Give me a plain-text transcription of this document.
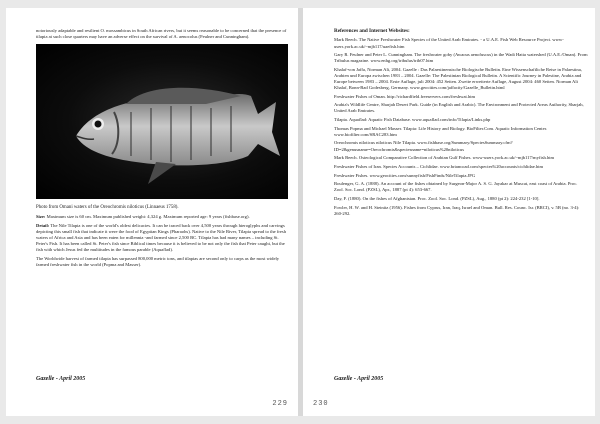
notoriously adaptable and resilient O. mossambicus in South African rivers, but it seems reasonable to be concerned that the presence of tilapia at such close quarters may have an adverse effect on the survival of A. aenocolus (Feulner and Cunningham).

Photo from Omani waters of the Oreochromis niloticus (Linnaeus 1758).

Size: Maximum size is 60 cm. Maximum published weight: 4,324 g. Maximum reported age: 9 years (fishbase.org).

Detail: The Nile Tilapia is one of the world's oldest delicacies. It can be traced back over 4,500 years through hieroglyphs and carvings depicting this small fish that indicate it were the food of Egyptian Kings (Pharaohs). Native to the Nile River, Tilapia spread to the fresh waters of Africa and Asia and has been eaten for millennia -and farmed since 2,500 BC. Tilapia has had many names – including St. Peter's Fish. It has been called St. Peter's fish since Biblical times because it is believed to be not only the fish that Peter caught, but the fish with which Jesus fed the multitudes in the famous parable (Aquaflad).

The Worldwide harvest of farmed tilapia has surpassed 800,000 metric tons, and tilapias are second only to carps as the most widely farmed freshwater fish in the world (Popma and Masser).

Gazelle - April 2005
229

References and Internet Websites:

Mark Beech. The Native Freshwater Fish Species of the United Arab Emirates. - a U.A.E. Fish Web Resource Project. www-users.york.ac.uk/~mjb117/uaefish.htm

Gary R. Feulner and Peter L. Cunningham. The freshwater goby (Awaous aenofuscus) in the Wadi Hatta watershed (U.A.E./Oman). From Tribulus magazine. www.enhg.org/tribulus/trib07.htm

Khalaf-von Jaffa, Norman Ali, 2004. Gazelle : Das Palaestinensische Biologische Bulletin. Eine Wissenschaftliche Reise in Palaestina, Arabien und Europa zwischen 1983 – 2004. Gazelle: The Palestinian Biological Bulletin. A Scientific Journey in Palestine, Arabia and Europe between 1983 – 2004. Erste Auflage, juli 2004: 452 Seiten. Zweite erweiterte Auflage, August 2004: 460 Seiten. Norman Ali Khalaf, Bonn-Bad Godesberg, Germany. www.geocities.com/jaffacity/Gazelle_Bulletin.html

Freshwater Fishes of Oman. http://richardfield.freeservers.com/freshwat.htm

Arabia's Wildlife Centre, Sharjah Desert Park. Guide (in English and Arabic). The Environment and Protected Areas Authority, Sharjah, United Arab Emirates.

Tilapia. Aquaflad: Aquatic Fish Database. www.aquaflad.com/info/Tilapia/Links.php

Thomas Popma and Michael Masser. Tilapia: Life History and Biology. BioFilter.Com. Aquatic Information Center. www.biofilter.com/SRAC283.htm

Oreochromis niloticus niloticus Nile Tilapia. www.fishbase.org/Summary/SpeciesSummary.cfm?ID=2&genusname=Oreochromis&speciesname=niloticus%20niloticus

Mark Beech. Osteological Comparative Collection of Arabian Gulf Fishes. www-users.york.ac.uk/~mjb117/myfish.htm

Freshwater Fishes of Iran. Species Accounts – Cichlidae. www.briancoad.com/species%20accounts/cichlidae.htm

Freshwater Fishes. www.geocities.com/sunnyfish/FishFinds/NileTilapia.JPG

Boulenger, G. A. (1888). An account of the fishes obtained by Surgeon-Major A. S. G. Jayakar at Muscat, east coast of Arabia. Proc. Zool. Soc. Lond. (PZSL), Apr., 1887 (pt 4): 653-667.

Day, F. (1880). On the fishes of Afghanistan. Proc. Zool. Soc. Lond. (PZSL), Aug., 1880 (pt 2): 224-232 [1-10].

Fowler, H. W. and H. Steinitz (1956). Fishes from Cyprus, Iran, Iraq, Israel and Oman. Bull. Res. Counc. Isr. (BRCI), v. 5B (no. 3-4): 260-292.

Gazelle - April 2005
230
